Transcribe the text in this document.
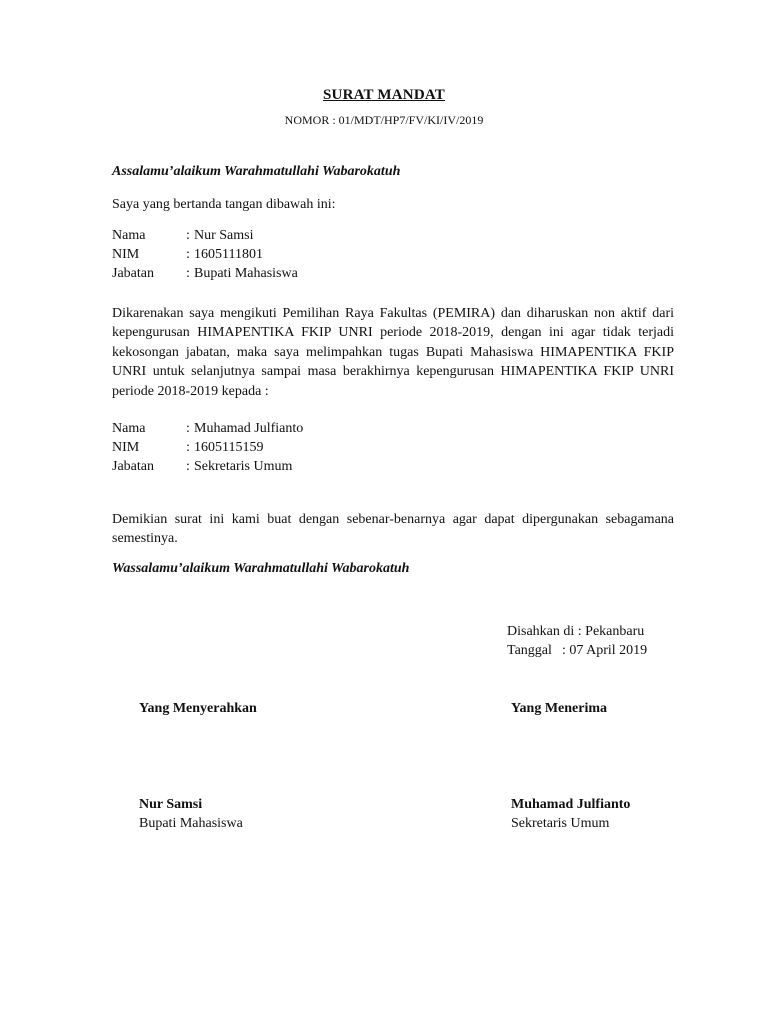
SURAT MANDAT
NOMOR : 01/MDT/HP7/FV/KI/IV/2019
Assalamu’alaikum Warahmatullahi Wabarokatuh
Saya yang bertanda tangan dibawah ini:
Nama	: Nur Samsi
NIM	: 1605111801
Jabatan : Bupati Mahasiswa
Dikarenakan saya mengikuti Pemilihan Raya Fakultas (PEMIRA) dan diharuskan non aktif dari kepengurusan HIMAPENTIKA FKIP UNRI periode 2018-2019, dengan ini agar tidak terjadi kekosongan jabatan, maka saya melimpahkan tugas Bupati Mahasiswa HIMAPENTIKA FKIP UNRI untuk selanjutnya sampai masa berakhirnya kepengurusan HIMAPENTIKA FKIP UNRI periode 2018-2019 kepada :
Nama	: Muhamad Julfianto
NIM	: 1605115159
Jabatan : Sekretaris Umum
Demikian surat ini kami buat dengan sebenar-benarnya agar dapat dipergunakan sebagamana semestinya.
Wassalamu’alaikum Warahmatullahi Wabarokatuh
Disahkan di : Pekanbaru
Tanggal : 07 April 2019
Yang Menyerahkan	Yang Menerima
Nur Samsi
Bupati Mahasiswa
Muhamad Julfianto
Sekretaris Umum
